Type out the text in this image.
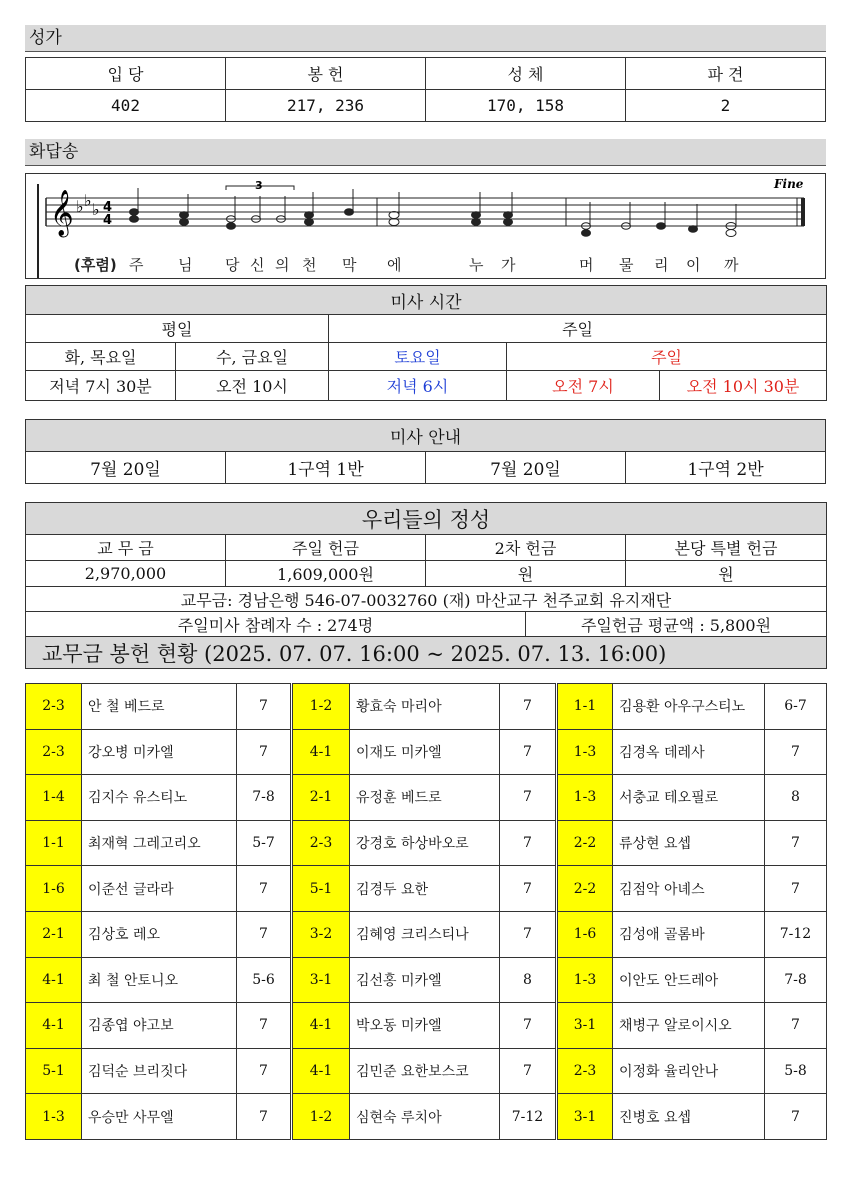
성가
입 당	봉 헌	성 체	파 견
402	217, 236	170, 158	2
화답송
𝄞 ♭ ♭ ♭ 4
4
3	Fine
(후렴) 주 님 당 신 의 천 막 에	누 가	머 물 리 이 까
미사 시간				
평일		주일		
화, 목요일	수, 금요일	토요일	주일	
저녁 7시 30분	오전 10시	저녁 6시	오전 7시	오전 10시 30분
미사 안내
7월 20일	1구역 1반	7월 20일	1구역 2반
우리들의 정성				
교 무 금	주일 헌금	2차 헌금		본당 특별 헌금
2,970,000	1,609,000원	원		원
교무금: 경남은행 546-07-0032760 (재) 마산교구 천주교회 유지재단				
주일미사 참례자 수 : 274명			주일헌금 평균액 : 5,800원	
교무금 봉헌 현황 (2025. 07. 07. 16:00 ~ 2025. 07. 13. 16:00)				
2-3	안 철 베드로	7	1-2	황효숙 마리아	7	1-1	김용환 아우구스티노	6-7
2-3	강오병 미카엘	7	4-1	이재도 미카엘	7	1-3	김경옥 데레사	7
1-4	김지수 유스티노	7-8	2-1	유정훈 베드로	7	1-3	서충교 테오필로	8
1-1	최재혁 그레고리오	5-7	2-3	강경호 하상바오로	7	2-2	류상현 요셉	7
1-6	이준선 글라라	7	5-1	김경두 요한	7	2-2	김점악 아녜스	7
2-1	김상호 레오	7	3-2	김혜영 크리스티나	7	1-6	김성애 골롬바	7-12
4-1	최 철 안토니오	5-6	3-1	김선홍 미카엘	8	1-3	이안도 안드레아	7-8
4-1	김종엽 야고보	7	4-1	박오동 미카엘	7	3-1	채병구 알로이시오	7
5-1	김덕순 브리짓다	7	4-1	김민준 요한보스코	7	2-3	이정화 율리안나	5-8
1-3	우승만 사무엘	7	1-2	심현숙 루치아	7-12	3-1	진병호 요셉	7
